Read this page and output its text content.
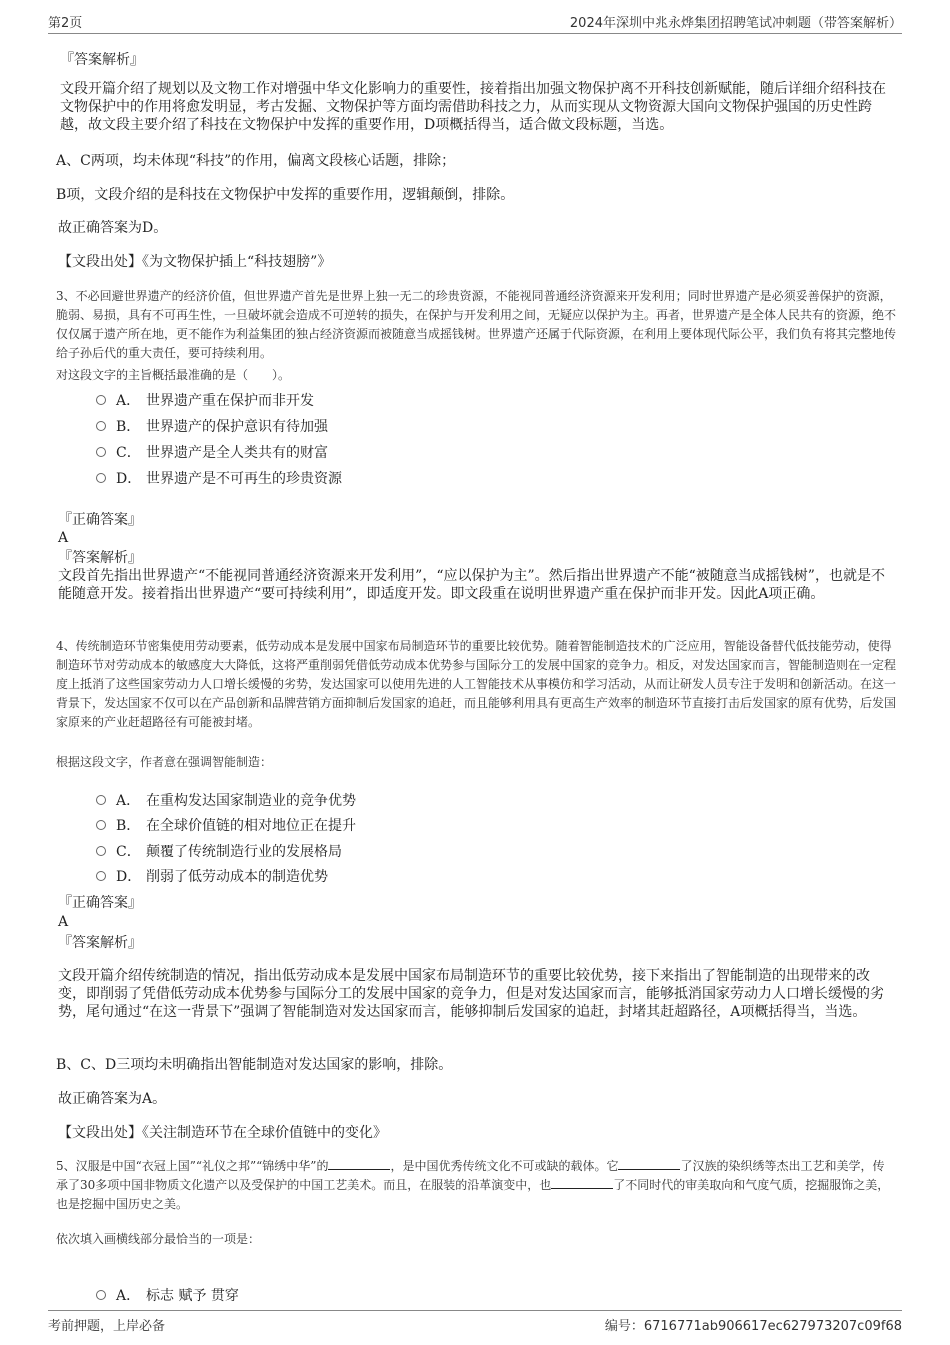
第2页	2024年深圳中兆永烨集团招聘笔试冲刺题（带答案解析）
『答案解析』
文段开篇介绍了规划以及文物工作对增强中华文化影响力的重要性，接着指出加强文物保护离不开科技创新赋能，随后详细介绍科技在文物保护中的作用将愈发明显，考古发掘、文物保护等方面均需借助科技之力，从而实现从文物资源大国向文物保护强国的历史性跨越，故文段主要介绍了科技在文物保护中发挥的重要作用，D项概括得当，适合做文段标题，当选。
A、C两项，均未体现“科技”的作用，偏离文段核心话题，排除；
B项，文段介绍的是科技在文物保护中发挥的重要作用，逻辑颠倒，排除。
故正确答案为D。
【文段出处】《为文物保护插上“科技翅膀”》
3、不必回避世界遗产的经济价值，但世界遗产首先是世界上独一无二的珍贵资源，不能视同普通经济资源来开发利用；同时世界遗产是必须妥善保护的资源，脆弱、易损，具有不可再生性，一旦破坏就会造成不可逆转的损失，在保护与开发利用之间，无疑应以保护为主。再者，世界遗产是全体人民共有的资源，绝不仅仅属于遗产所在地，更不能作为利益集团的独占经济资源而被随意当成摇钱树。世界遗产还属于代际资源，在利用上要体现代际公平，我们负有将其完整地传给子孙后代的重大责任，要可持续利用。
对这段文字的主旨概括最准确的是（　　）。
A． 世界遗产重在保护而非开发
B． 世界遗产的保护意识有待加强
C． 世界遗产是全人类共有的财富
D． 世界遗产是不可再生的珍贵资源
『正确答案』
A
『答案解析』
文段首先指出世界遗产“不能视同普通经济资源来开发利用”，“应以保护为主”。然后指出世界遗产不能“被随意当成摇钱树”，也就是不能随意开发。接着指出世界遗产“要可持续利用”，即适度开发。即文段重在说明世界遗产重在保护而非开发。因此A项正确。
4、传统制造环节密集使用劳动要素，低劳动成本是发展中国家布局制造环节的重要比较优势。随着智能制造技术的广泛应用，智能设备替代低技能劳动，使得制造环节对劳动成本的敏感度大大降低，这将严重削弱凭借低劳动成本优势参与国际分工的发展中国家的竞争力。相反，对发达国家而言，智能制造则在一定程度上抵消了这些国家劳动力人口增长缓慢的劣势，发达国家可以使用先进的人工智能技术从事模仿和学习活动，从而让研发人员专注于发明和创新活动。在这一背景下，发达国家不仅可以在产品创新和品牌营销方面抑制后发国家的追赶，而且能够利用具有更高生产效率的制造环节直接打击后发国家的原有优势，后发国家原来的产业赶超路径有可能被封堵。
根据这段文字，作者意在强调智能制造：
A． 在重构发达国家制造业的竞争优势
B． 在全球价值链的相对地位正在提升
C． 颠覆了传统制造行业的发展格局
D． 削弱了低劳动成本的制造优势
『正确答案』
A
『答案解析』
文段开篇介绍传统制造的情况，指出低劳动成本是发展中国家布局制造环节的重要比较优势，接下来指出了智能制造的出现带来的改变，即削弱了凭借低劳动成本优势参与国际分工的发展中国家的竞争力，但是对发达国家而言，能够抵消国家劳动力人口增长缓慢的劣势，尾句通过“在这一背景下”强调了智能制造对发达国家而言，能够抑制后发国家的追赶，封堵其赶超路径，A项概括得当，当选。
B、C、D三项均未明确指出智能制造对发达国家的影响，排除。
故正确答案为A。
【文段出处】《关注制造环节在全球价值链中的变化》
5、汉服是中国“衣冠上国”“礼仪之邦”“锦绣中华”的	，是中国优秀传统文化不可或缺的载体。它	了汉族的染织绣等杰出工艺和美学，传承了30多项中国非物质文化遗产以及受保护的中国工艺美术。而且，在服装的沿革演变中，也	了不同时代的审美取向和气度气质，挖掘服饰之美，也是挖掘中国历史之美。
依次填入画横线部分最恰当的一项是：
A． 标志 赋予 贯穿
考前押题，上岸必备	编号：6716771ab906617ec627973207c09f68
